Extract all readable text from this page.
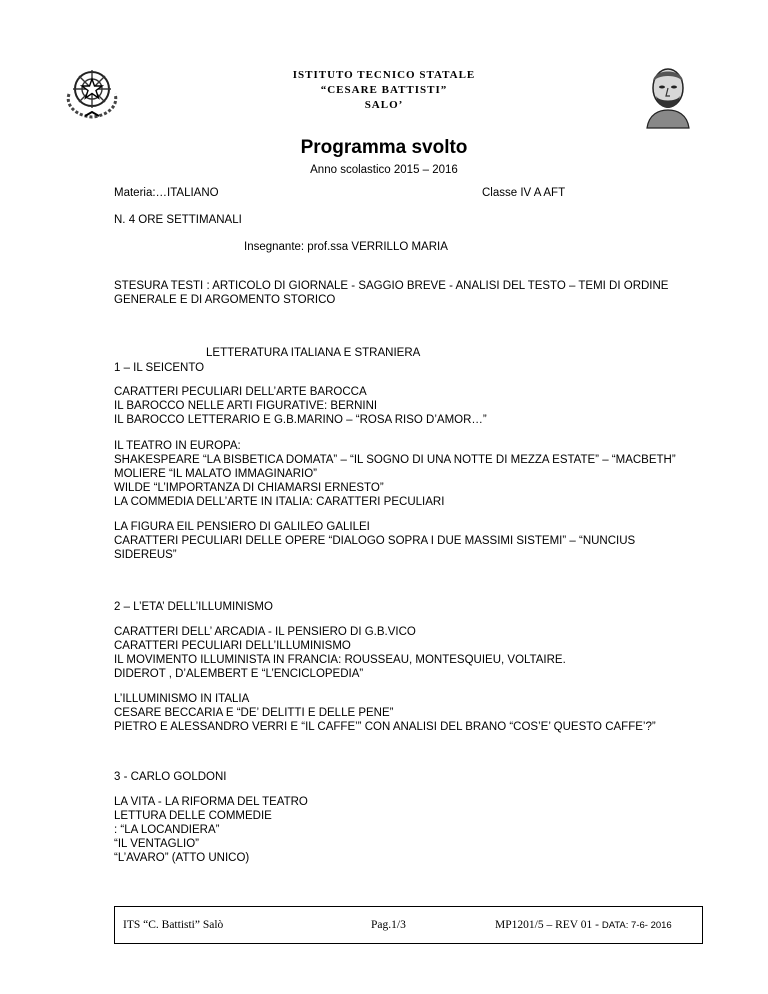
ISTITUTO TECNICO STATALE
“CESARE BATTISTI”
SALO’
Programma svolto
Anno scolastico 2015 – 2016
Materia:…ITALIANO	Classe IV A AFT
N. 4 ORE SETTIMANALI
Insegnante: prof.ssa VERRILLO MARIA
STESURA TESTI : ARTICOLO DI GIORNALE - SAGGIO BREVE - ANALISI DEL TESTO – TEMI DI ORDINE
GENERALE E DI ARGOMENTO STORICO
LETTERATURA ITALIANA E STRANIERA
1 – IL SEICENTO
CARATTERI PECULIARI DELL’ARTE BAROCCA
IL BAROCCO NELLE ARTI FIGURATIVE: BERNINI
IL BAROCCO LETTERARIO E G.B.MARINO – “ROSA RISO D’AMOR…”
IL TEATRO IN EUROPA:
SHAKESPEARE “LA BISBETICA DOMATA” – “IL SOGNO DI UNA NOTTE DI MEZZA ESTATE” – “MACBETH”
MOLIERE “IL MALATO IMMAGINARIO”
WILDE “L’IMPORTANZA DI CHIAMARSI ERNESTO”
LA COMMEDIA DELL’ARTE IN ITALIA: CARATTERI PECULIARI
LA FIGURA EIL PENSIERO DI GALILEO GALILEI
CARATTERI PECULIARI DELLE OPERE “DIALOGO SOPRA I DUE MASSIMI SISTEMI” – “NUNCIUS
SIDEREUS”
2 – L’ETA’ DELL’ILLUMINISMO
CARATTERI DELL’ ARCADIA - IL PENSIERO DI G.B.VICO
CARATTERI PECULIARI DELL’ILLUMINISMO
IL MOVIMENTO ILLUMINISTA IN FRANCIA: ROUSSEAU, MONTESQUIEU, VOLTAIRE.
DIDEROT , D’ALEMBERT E “L’ENCICLOPEDIA”
L’ILLUMINISMO IN ITALIA
CESARE BECCARIA E “DE’ DELITTI E DELLE PENE”
PIETRO E ALESSANDRO VERRI E “IL CAFFE’” CON ANALISI DEL BRANO “COS’E’ QUESTO CAFFE’?”
3 - CARLO GOLDONI
LA VITA - LA RIFORMA DEL TEATRO
LETTURA DELLE COMMEDIE
: “LA LOCANDIERA”
“IL VENTAGLIO”
“L’AVARO” (ATTO UNICO)
ITS “C. Battisti” Salò	Pag.1/3	MP1201/5 – REV 01 - DATA: 7-6- 2016
